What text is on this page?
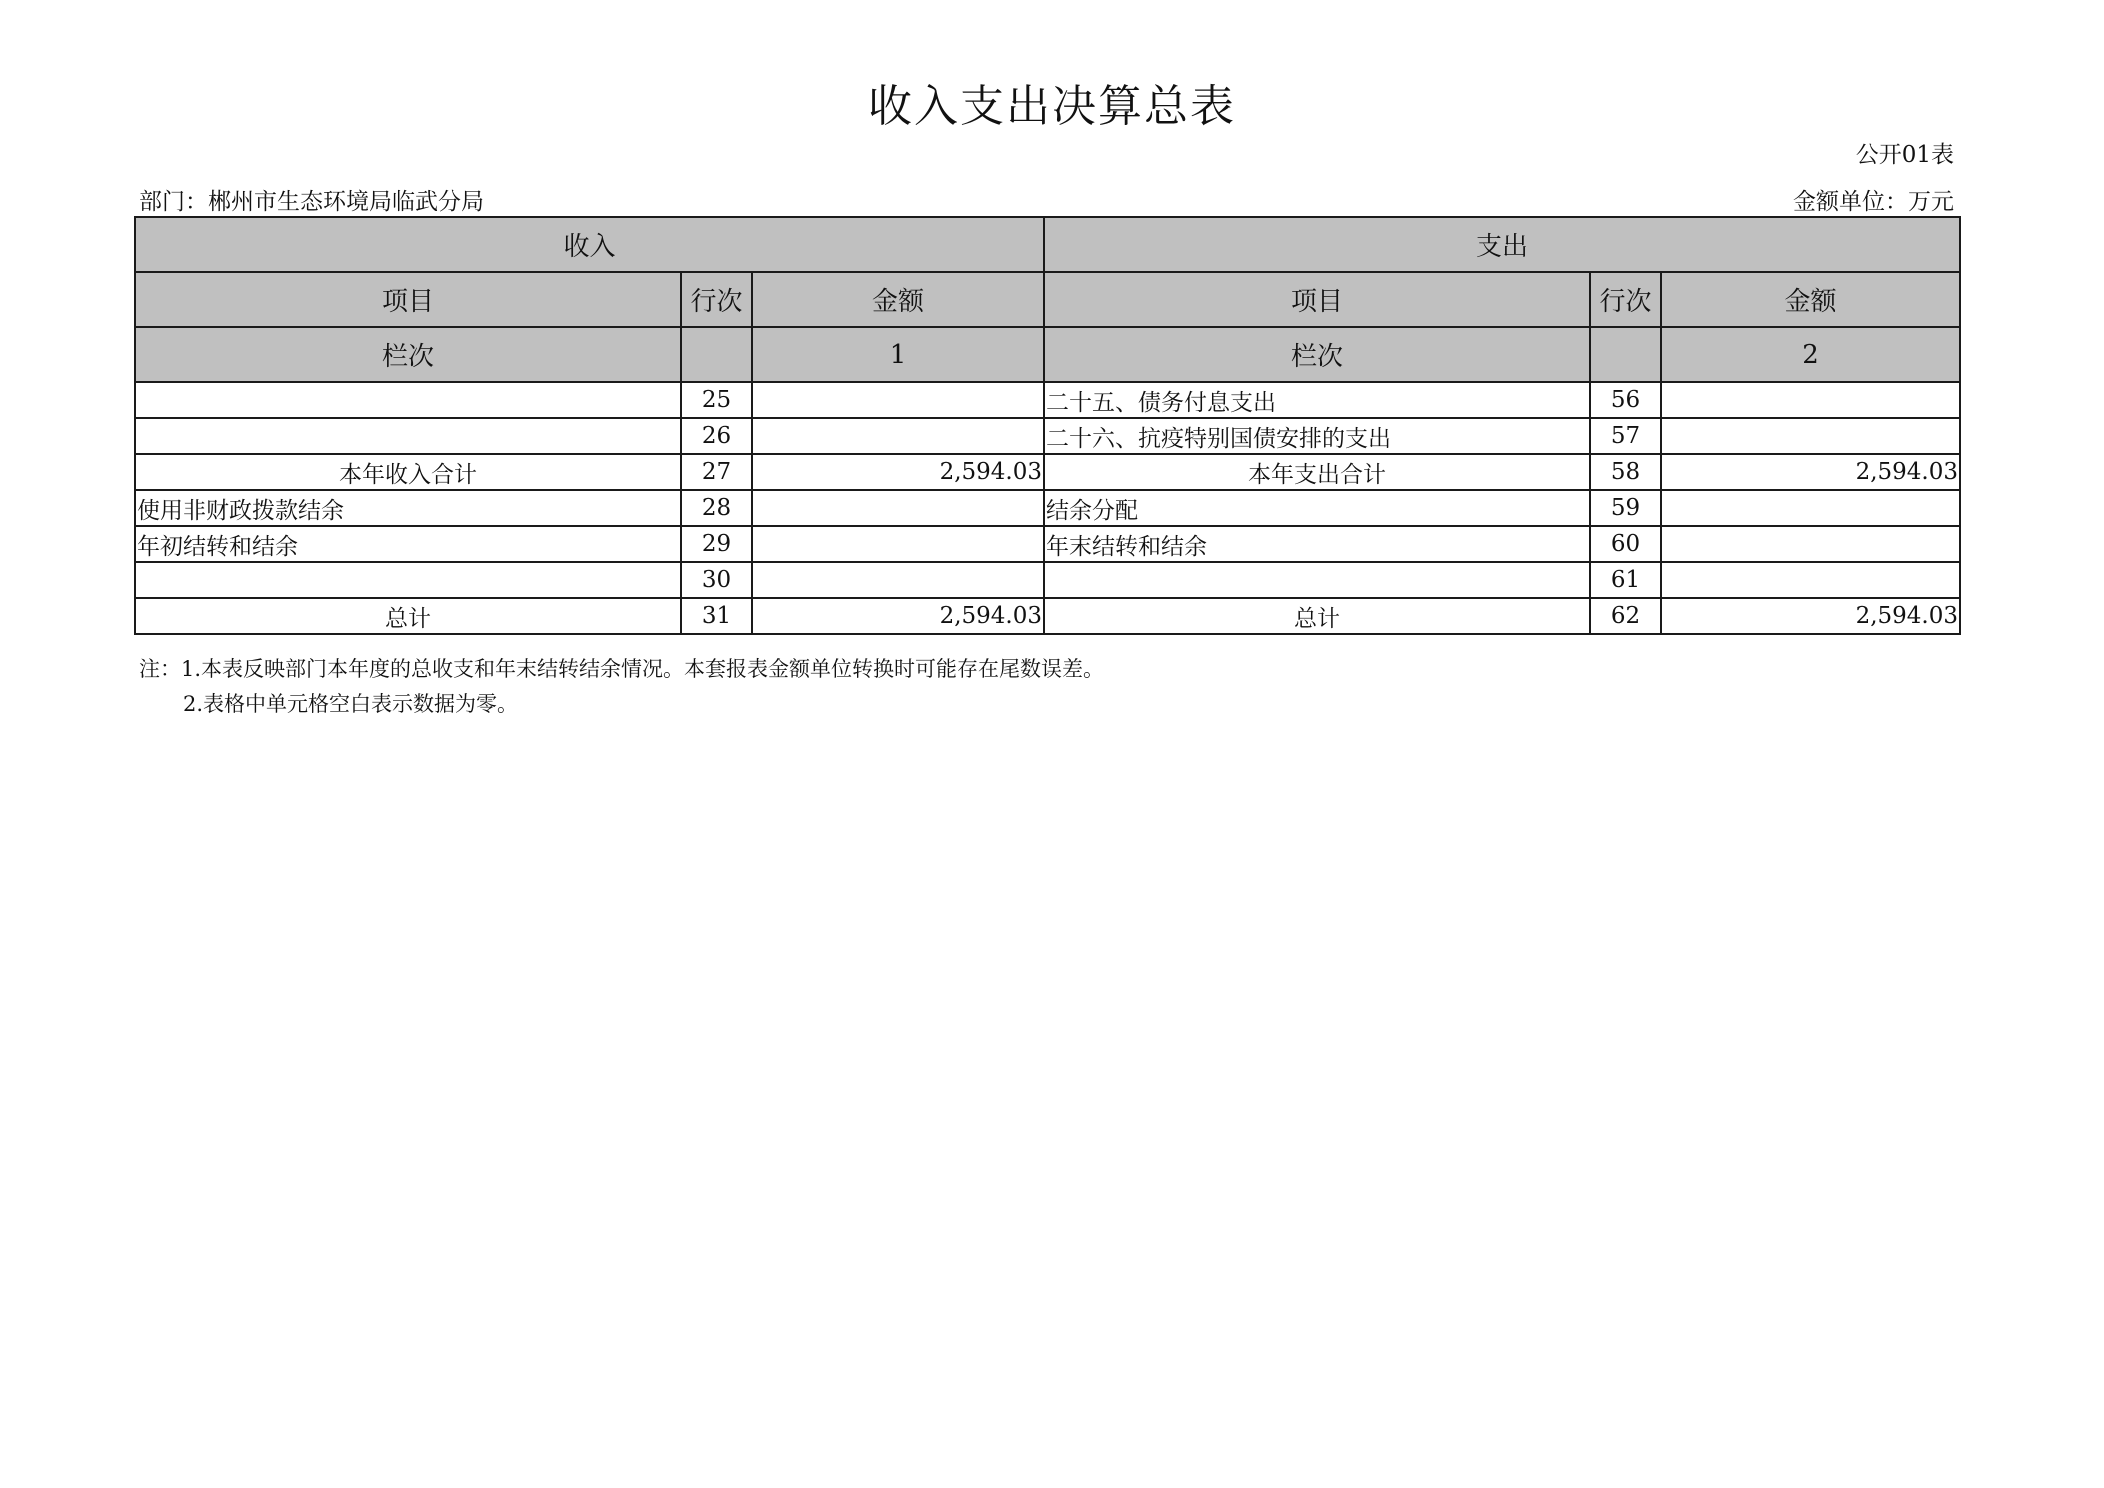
收入支出决算总表
公开01表
部门：郴州市生态环境局临武分局	金额单位：万元
收入			支出		
项目	行次	金额	项目	行次	金额
栏次		1	栏次		2
	25		二十五、债务付息支出	56	
	26		二十六、抗疫特别国债安排的支出	57	
本年收入合计	27	2,594.03	本年支出合计	58	2,594.03
使用非财政拨款结余	28		结余分配	59	
年初结转和结余	29		年末结转和结余	60	
	30			61	
总计	31	2,594.03	总计	62	2,594.03
注：1.本表反映部门本年度的总收支和年末结转结余情况。本套报表金额单位转换时可能存在尾数误差。
2.表格中单元格空白表示数据为零。
